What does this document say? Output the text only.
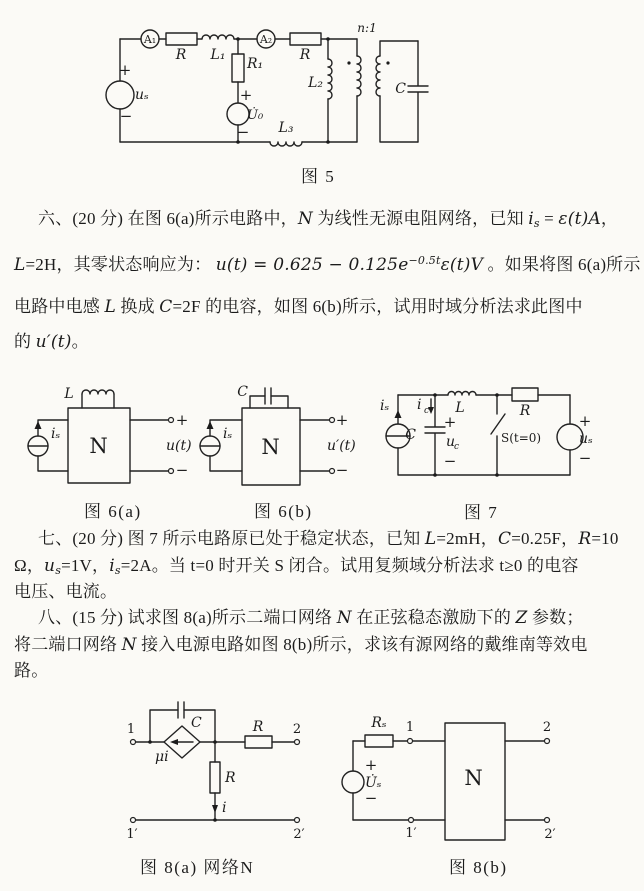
A₁	A₂
R L₁	R
R₁
+
U̇₀
−
+
uₛ
−
L₂
n:1
C
L₃
图 5
六、(20 分) 在图 6(a)所示电路中，N 为线性无源电阻网络，已知 is = ε(t)A，
L=2H，其零状态响应为： $u(t) = 0.625 - 0.125e^{-0.5t}\varepsilon(t)V$ 。如果将图 6(a)所示
电路中电感 L 换成 C=2F 的电容，如图 6(b)所示，试用时域分析法求此图中
的 u′(t)。
L
iₛ N
+
u(t)
−
C
iₛ
N
+
u′(t)
−
iₛ i c
C
+
u
c
−
L
S(t=0)
R
+
uₛ
−
图 6(a)	图 6(b)	图 7
七、(20 分) 图 7 所示电路原已处于稳定状态，已知 L=2mH，C=0.25F，R=10
Ω，us=1V，is=2A。当 t=0 时开关 S 闭合。试用复频域分析法求 t≥0 的电容
电压、电流。
八、(15 分) 试求图 8(a)所示二端口网络 N 在正弦稳态激励下的 Z 参数；
将二端口网络 N 接入电源电路如图 8(b)所示，求该有源网络的戴维南等效电
路。
1	2
1′	2′
C
μi
R
R
i
Rₛ 1
1′
2
2′
+
U̇ₛ
−
N
图 8(a) 网络N	图 8(b)
